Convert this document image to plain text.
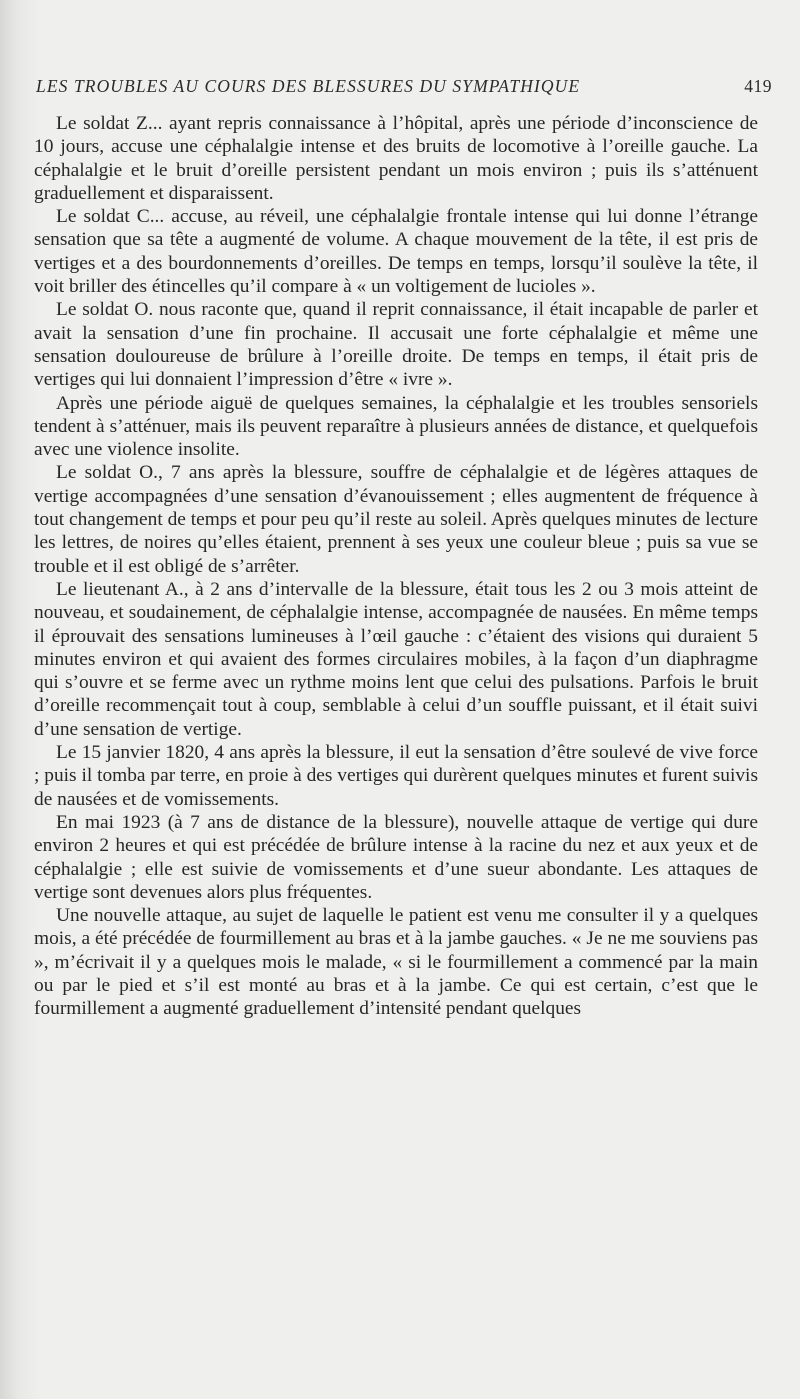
LES TROUBLES AU COURS DES BLESSURES DU SYMPATHIQUE	419

Le soldat Z... ayant repris connaissance à l’hôpital, après une période d’inconscience de 10 jours, accuse une céphalalgie intense et des bruits de locomotive à l’oreille gauche. La céphalalgie et le bruit d’oreille persistent pendant un mois environ ; puis ils s’atténuent graduellement et disparaissent.

Le soldat C... accuse, au réveil, une céphalalgie frontale intense qui lui donne l’étrange sensation que sa tête a augmenté de volume. A chaque mouvement de la tête, il est pris de vertiges et a des bourdonnements d’oreilles. De temps en temps, lorsqu’il soulève la tête, il voit briller des étincelles qu’il compare à « un voltigement de lucioles ».

Le soldat O. nous raconte que, quand il reprit connaissance, il était incapable de parler et avait la sensation d’une fin prochaine. Il accusait une forte céphalalgie et même une sensation douloureuse de brûlure à l’oreille droite. De temps en temps, il était pris de vertiges qui lui donnaient l’impression d’être « ivre ».

Après une période aiguë de quelques semaines, la céphalalgie et les troubles sensoriels tendent à s’atténuer, mais ils peuvent reparaître à plusieurs années de distance, et quelquefois avec une violence insolite.

Le soldat O., 7 ans après la blessure, souffre de céphalalgie et de légères attaques de vertige accompagnées d’une sensation d’évanouissement ; elles augmentent de fréquence à tout changement de temps et pour peu qu’il reste au soleil. Après quelques minutes de lecture les lettres, de noires qu’elles étaient, prennent à ses yeux une couleur bleue ; puis sa vue se trouble et il est obligé de s’arrêter.

Le lieutenant A., à 2 ans d’intervalle de la blessure, était tous les 2 ou 3 mois atteint de nouveau, et soudainement, de céphalalgie intense, accompagnée de nausées. En même temps il éprouvait des sensations lumineuses à l’œil gauche : c’étaient des visions qui duraient 5 minutes environ et qui avaient des formes circulaires mobiles, à la façon d’un diaphragme qui s’ouvre et se ferme avec un rythme moins lent que celui des pulsations. Parfois le bruit d’oreille recommençait tout à coup, semblable à celui d’un souffle puissant, et il était suivi d’une sensation de vertige.

Le 15 janvier 1820, 4 ans après la blessure, il eut la sensation d’être soulevé de vive force ; puis il tomba par terre, en proie à des vertiges qui durèrent quelques minutes et furent suivis de nausées et de vomissements.

En mai 1923 (à 7 ans de distance de la blessure), nouvelle attaque de vertige qui dure environ 2 heures et qui est précédée de brûlure intense à la racine du nez et aux yeux et de céphalalgie ; elle est suivie de vomissements et d’une sueur abondante. Les attaques de vertige sont devenues alors plus fréquentes.

Une nouvelle attaque, au sujet de laquelle le patient est venu me consulter il y a quelques mois, a été précédée de fourmillement au bras et à la jambe gauches. « Je ne me souviens pas », m’écrivait il y a quelques mois le malade, « si le fourmillement a commencé par la main ou par le pied et s’il est monté au bras et à la jambe. Ce qui est certain, c’est que le fourmillement a augmenté graduellement d’intensité pendant quelques
